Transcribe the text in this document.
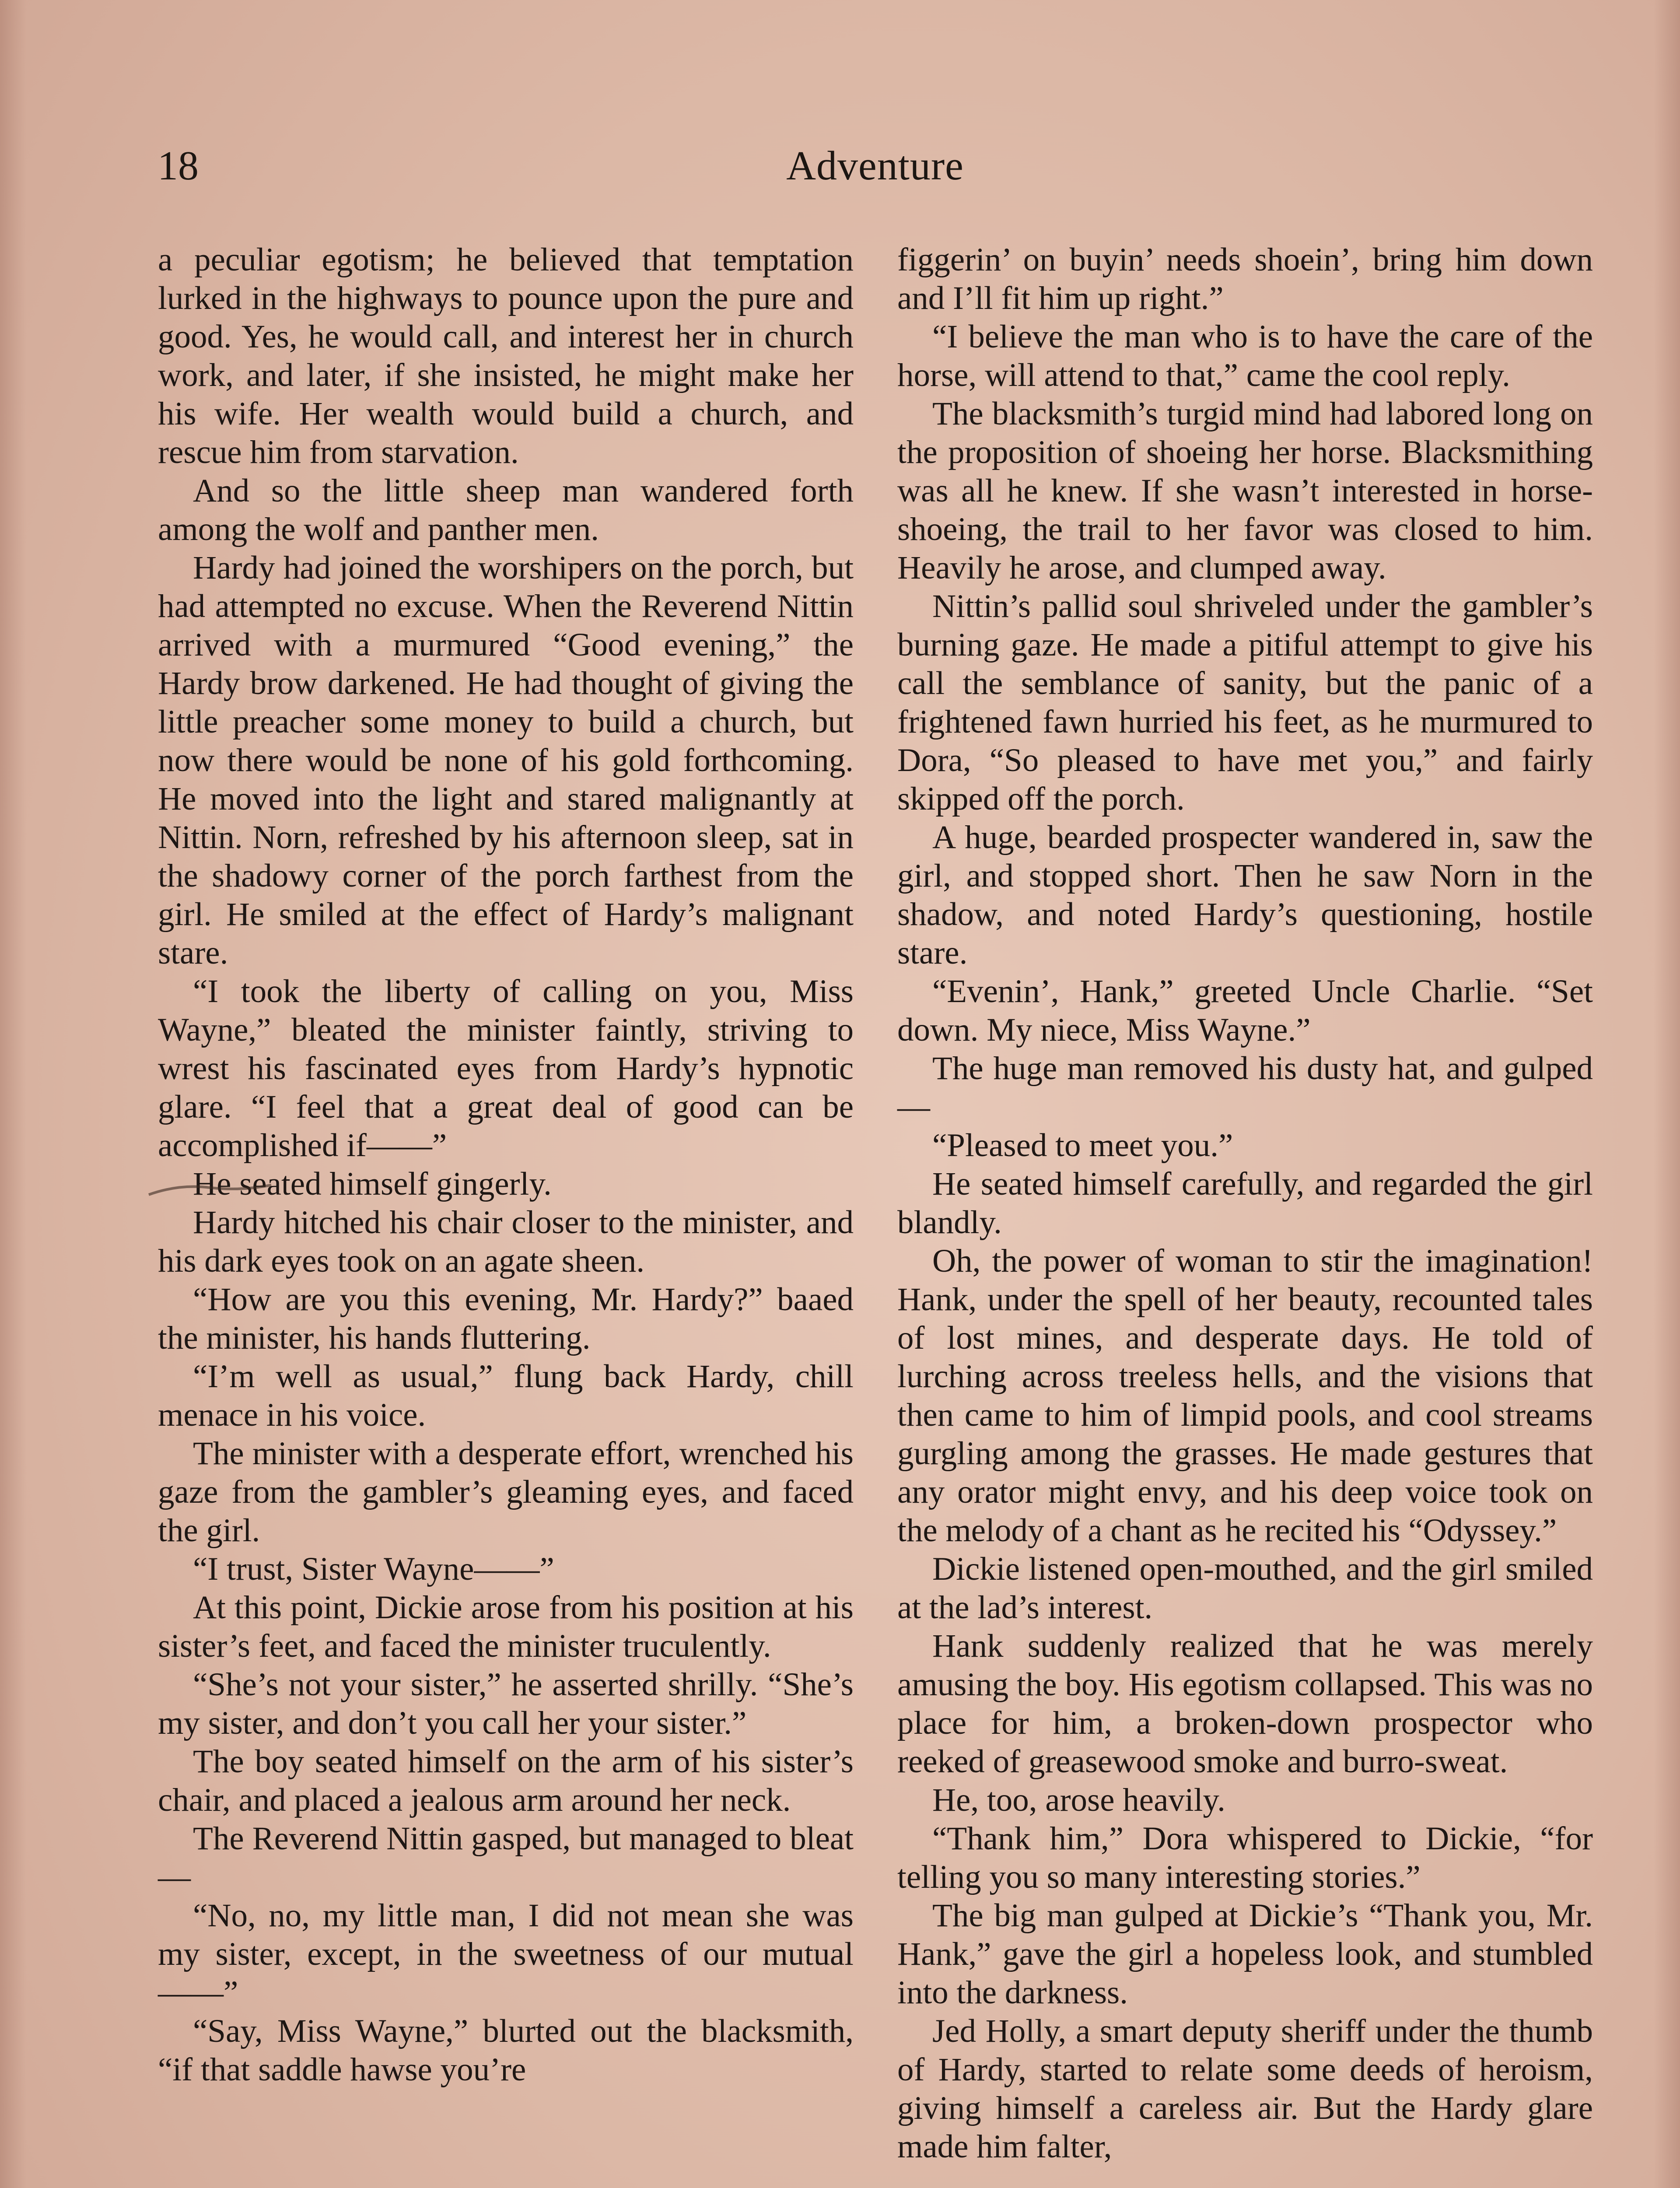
18	Adventure

a peculiar egotism; he believed that temptation lurked in the highways to pounce upon the pure and good. Yes, he would call, and interest her in church work, and later, if she insisted, he might make her his wife. Her wealth would build a church, and rescue him from starvation.

And so the little sheep man wandered forth among the wolf and panther men.

Hardy had joined the worshipers on the porch, but had attempted no excuse. When the Reverend Nittin arrived with a murmured “Good evening,” the Hardy brow darkened. He had thought of giving the little preacher some money to build a church, but now there would be none of his gold forthcoming. He moved into the light and stared malignantly at Nittin. Norn, refreshed by his afternoon sleep, sat in the shadowy corner of the porch farthest from the girl. He smiled at the effect of Hardy’s malignant stare.

“I took the liberty of calling on you, Miss Wayne,” bleated the minister faintly, striving to wrest his fascinated eyes from Hardy’s hypnotic glare. “I feel that a great deal of good can be accomplished if——”

He seated himself gingerly.

Hardy hitched his chair closer to the minister, and his dark eyes took on an agate sheen.

“How are you this evening, Mr. Hardy?” baaed the minister, his hands fluttering.

“I’m well as usual,” flung back Hardy, chill menace in his voice.

The minister with a desperate effort, wrenched his gaze from the gambler’s gleaming eyes, and faced the girl.

“I trust, Sister Wayne——”

At this point, Dickie arose from his position at his sister’s feet, and faced the minister truculently.

“She’s not your sister,” he asserted shrilly. “She’s my sister, and don’t you call her your sister.”

The boy seated himself on the arm of his sister’s chair, and placed a jealous arm around her neck.

The Reverend Nittin gasped, but managed to bleat—

“No, no, my little man, I did not mean she was my sister, except, in the sweetness of our mutual——”

“Say, Miss Wayne,” blurted out the blacksmith, “if that saddle hawse you’re

figgerin’ on buyin’ needs shoein’, bring him down and I’ll fit him up right.”

“I believe the man who is to have the care of the horse, will attend to that,” came the cool reply.

The blacksmith’s turgid mind had labored long on the proposition of shoeing her horse. Blacksmithing was all he knew. If she wasn’t interested in horse-shoeing, the trail to her favor was closed to him. Heavily he arose, and clumped away.

Nittin’s pallid soul shriveled under the gambler’s burning gaze. He made a pitiful attempt to give his call the semblance of sanity, but the panic of a frightened fawn hurried his feet, as he murmured to Dora, “So pleased to have met you,” and fairly skipped off the porch.

A huge, bearded prospecter wandered in, saw the girl, and stopped short. Then he saw Norn in the shadow, and noted Hardy’s questioning, hostile stare.

“Evenin’, Hank,” greeted Uncle Charlie. “Set down. My niece, Miss Wayne.”

The huge man removed his dusty hat, and gulped—

“Pleased to meet you.”

He seated himself carefully, and regarded the girl blandly.

Oh, the power of woman to stir the imagination! Hank, under the spell of her beauty, recounted tales of lost mines, and desperate days. He told of lurching across treeless hells, and the visions that then came to him of limpid pools, and cool streams gurgling among the grasses. He made gestures that any orator might envy, and his deep voice took on the melody of a chant as he recited his “Odyssey.”

Dickie listened open-mouthed, and the girl smiled at the lad’s interest.

Hank suddenly realized that he was merely amusing the boy. His egotism collapsed. This was no place for him, a broken-down prospector who reeked of greasewood smoke and burro-sweat.

He, too, arose heavily.

“Thank him,” Dora whispered to Dickie, “for telling you so many interesting stories.”

The big man gulped at Dickie’s “Thank you, Mr. Hank,” gave the girl a hopeless look, and stumbled into the darkness.

Jed Holly, a smart deputy sheriff under the thumb of Hardy, started to relate some deeds of heroism, giving himself a careless air. But the Hardy glare made him falter,
